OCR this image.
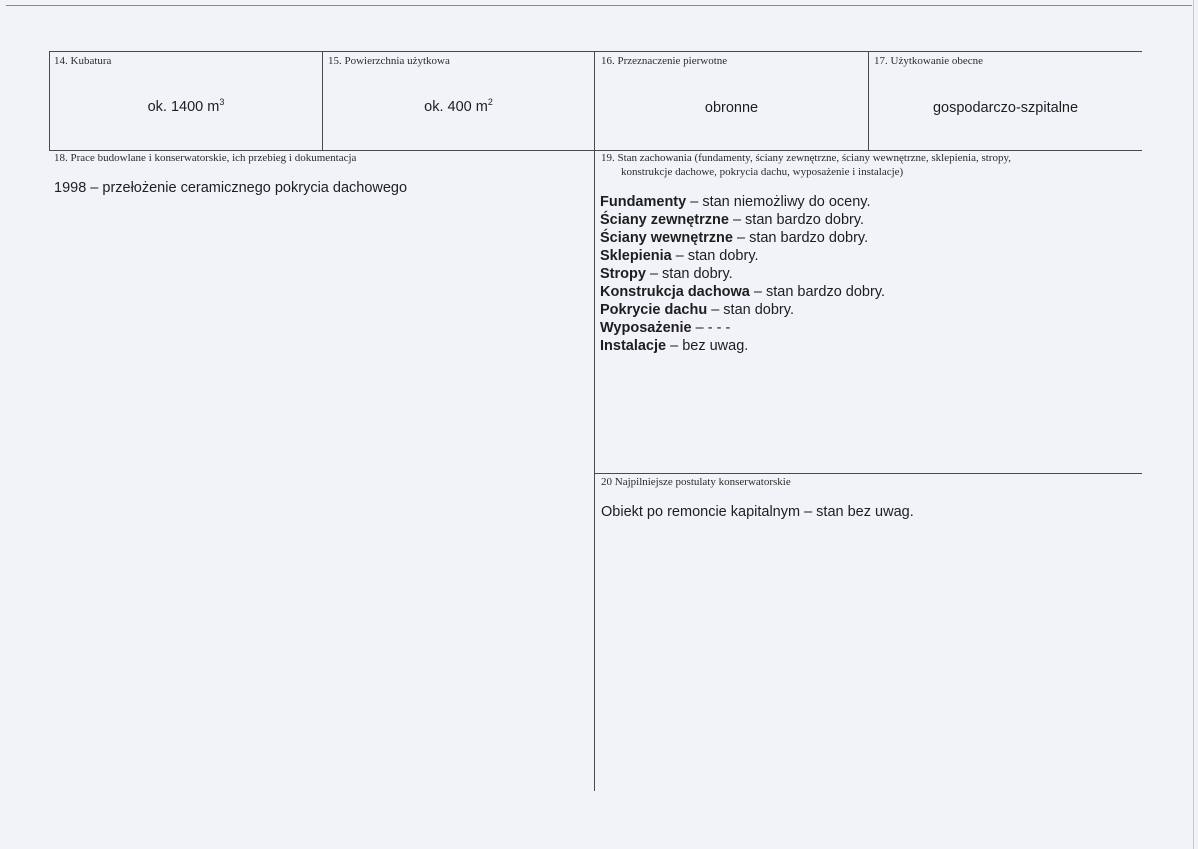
14. Kubatura
ok. 1400 $m^3$
15. Powierzchnia użytkowa
ok. 400 $m^2$
16. Przeznaczenie pierwotne
obronne
17. Użytkowanie obecne
gospodarczo-szpitalne
18. Prace budowlane i konserwatorskie, ich przebieg i dokumentacja
1998 – przełożenie ceramicznego pokrycia dachowego
19. Stan zachowania (fundamenty, ściany zewnętrzne, ściany wewnętrzne, sklepienia, stropy,
konstrukcje dachowe, pokrycia dachu, wyposażenie i instalacje)
Fundamenty – stan niemożliwy do oceny.
Ściany zewnętrzne – stan bardzo dobry.
Ściany wewnętrzne – stan bardzo dobry.
Sklepienia – stan dobry.
Stropy – stan dobry.
Konstrukcja dachowa – stan bardzo dobry.
Pokrycie dachu – stan dobry.
Wyposażenie – - - -
Instalacje – bez uwag.
20 Najpilniejsze postulaty konserwatorskie
Obiekt po remoncie kapitalnym – stan bez uwag.
